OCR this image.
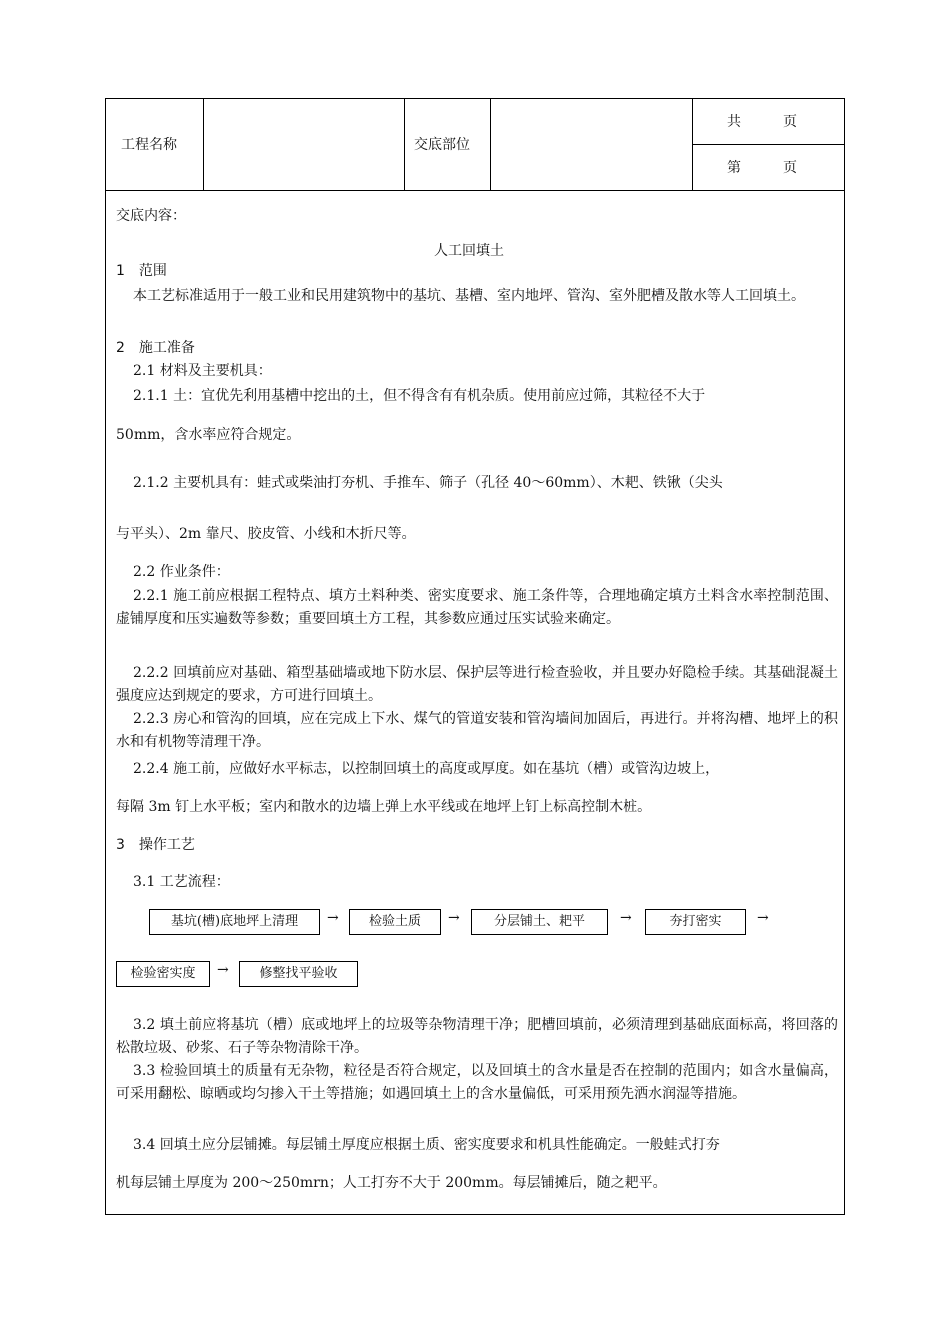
工程名称	交底部位
共　　　页
第　　　页
交底内容：
人工回填土
1　范围
本工艺标准适用于一般工业和民用建筑物中的基坑、基槽、室内地坪、管沟、室外肥槽及散水等人工回填土。
2　施工准备
2.1 材料及主要机具：
2.1.1 土：宜优先利用基槽中挖出的土，但不得含有有机杂质。使用前应过筛，其粒径不大于
50mm，含水率应符合规定。
2.1.2 主要机具有：蛙式或柴油打夯机、手推车、筛子（孔径 40～60mm）、木耙、铁锹（尖头
与平头）、2m 靠尺、胶皮管、小线和木折尺等。
2.2 作业条件：
2.2.1 施工前应根据工程特点、填方土料种类、密实度要求、施工条件等，合理地确定填方土料含水率控制范围、虚铺厚度和压实遍数等参数；重要回填土方工程，其参数应通过压实试验来确定。
2.2.2 回填前应对基础、箱型基础墙或地下防水层、保护层等进行检查验收，并且要办好隐检手续。其基础混凝土强度应达到规定的要求，方可进行回填土。
2.2.3 房心和管沟的回填，应在完成上下水、煤气的管道安装和管沟墙间加固后，再进行。并将沟槽、地坪上的积水和有机物等清理干净。
2.2.4 施工前，应做好水平标志，以控制回填土的高度或厚度。如在基坑（槽）或管沟边坡上，
每隔 3m 钉上水平板；室内和散水的边墙上弹上水平线或在地坪上钉上标高控制木桩。
3　操作工艺
3.1 工艺流程：
基坑(槽)底地坪上清理	→	检验土质	→	分层铺土、耙平	→	夯打密实	→
检验密实度	→	修整找平验收
3.2 填土前应将基坑（槽）底或地坪上的垃圾等杂物清理干净；肥槽回填前，必须清理到基础底面标高，将回落的松散垃圾、砂浆、石子等杂物清除干净。
3.3 检验回填土的质量有无杂物，粒径是否符合规定，以及回填土的含水量是否在控制的范围内；如含水量偏高，可采用翻松、晾晒或均匀掺入干土等措施；如遇回填土上的含水量偏低，可采用预先洒水润湿等措施。
3.4 回填土应分层铺摊。每层铺土厚度应根据土质、密实度要求和机具性能确定。一般蛙式打夯
机每层铺土厚度为 200～250mrn；人工打夯不大于 200mm。每层铺摊后，随之耙平。
